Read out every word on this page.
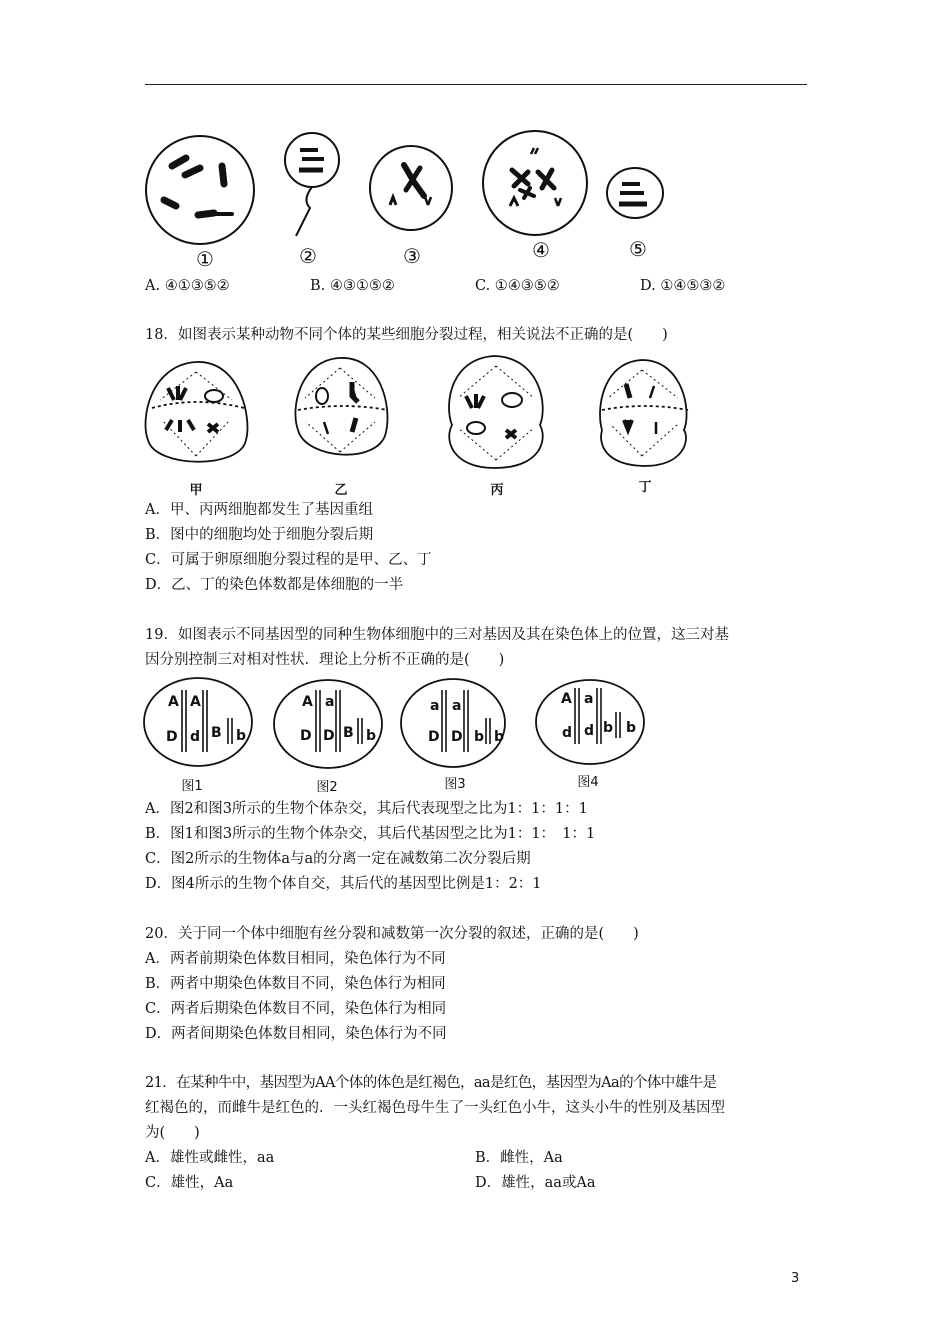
①	②	③	④	⑤
A. ④①③⑤②	B. ④③①⑤②	C. ①④③⑤②	D. ①④⑤③②
18．如图表示某种动物不同个体的某些细胞分裂过程，相关说法不正确的是(　　)
甲	乙	丙	丁
A．甲、丙两细胞都发生了基因重组
B．图中的细胞均处于细胞分裂后期
C．可属于卵原细胞分裂过程的是甲、乙、丁
D．乙、丁的染色体数都是体细胞的一半
19．如图表示不同基因型的同种生物体细胞中的三对基因及其在染色体上的位置，这三对基
因分别控制三对相对性状．理论上分析不正确的是(　　)
A A
D d B b
A a
D D B b
a a
D D b b
A a
d d b b
图1	图2	图3	图4
A．图2和图3所示的生物个体杂交，其后代表现型之比为1：1：1：1
B．图1和图3所示的生物个体杂交，其后代基因型之比为1：1：　1：1
C．图2所示的生物体a与a的分离一定在减数第二次分裂后期
D．图4所示的生物个体自交，其后代的基因型比例是1：2：1
20．关于同一个体中细胞有丝分裂和减数第一次分裂的叙述，正确的是(　　)
A．两者前期染色体数目相同，染色体行为不同
B．两者中期染色体数目不同，染色体行为相同
C．两者后期染色体数目不同，染色体行为相同
D．两者间期染色体数目相同，染色体行为不同
21．在某种牛中，基因型为AA个体的体色是红褐色，aa是红色，基因型为Aa的个体中雄牛是
红褐色的，而雌牛是红色的．一头红褐色母牛生了一头红色小牛，这头小牛的性别及基因型
为(　　)
A．雄性或雌性，aa	B．雌性，Aa
C．雄性，Aa	D．雄性，aa或Aa
3
